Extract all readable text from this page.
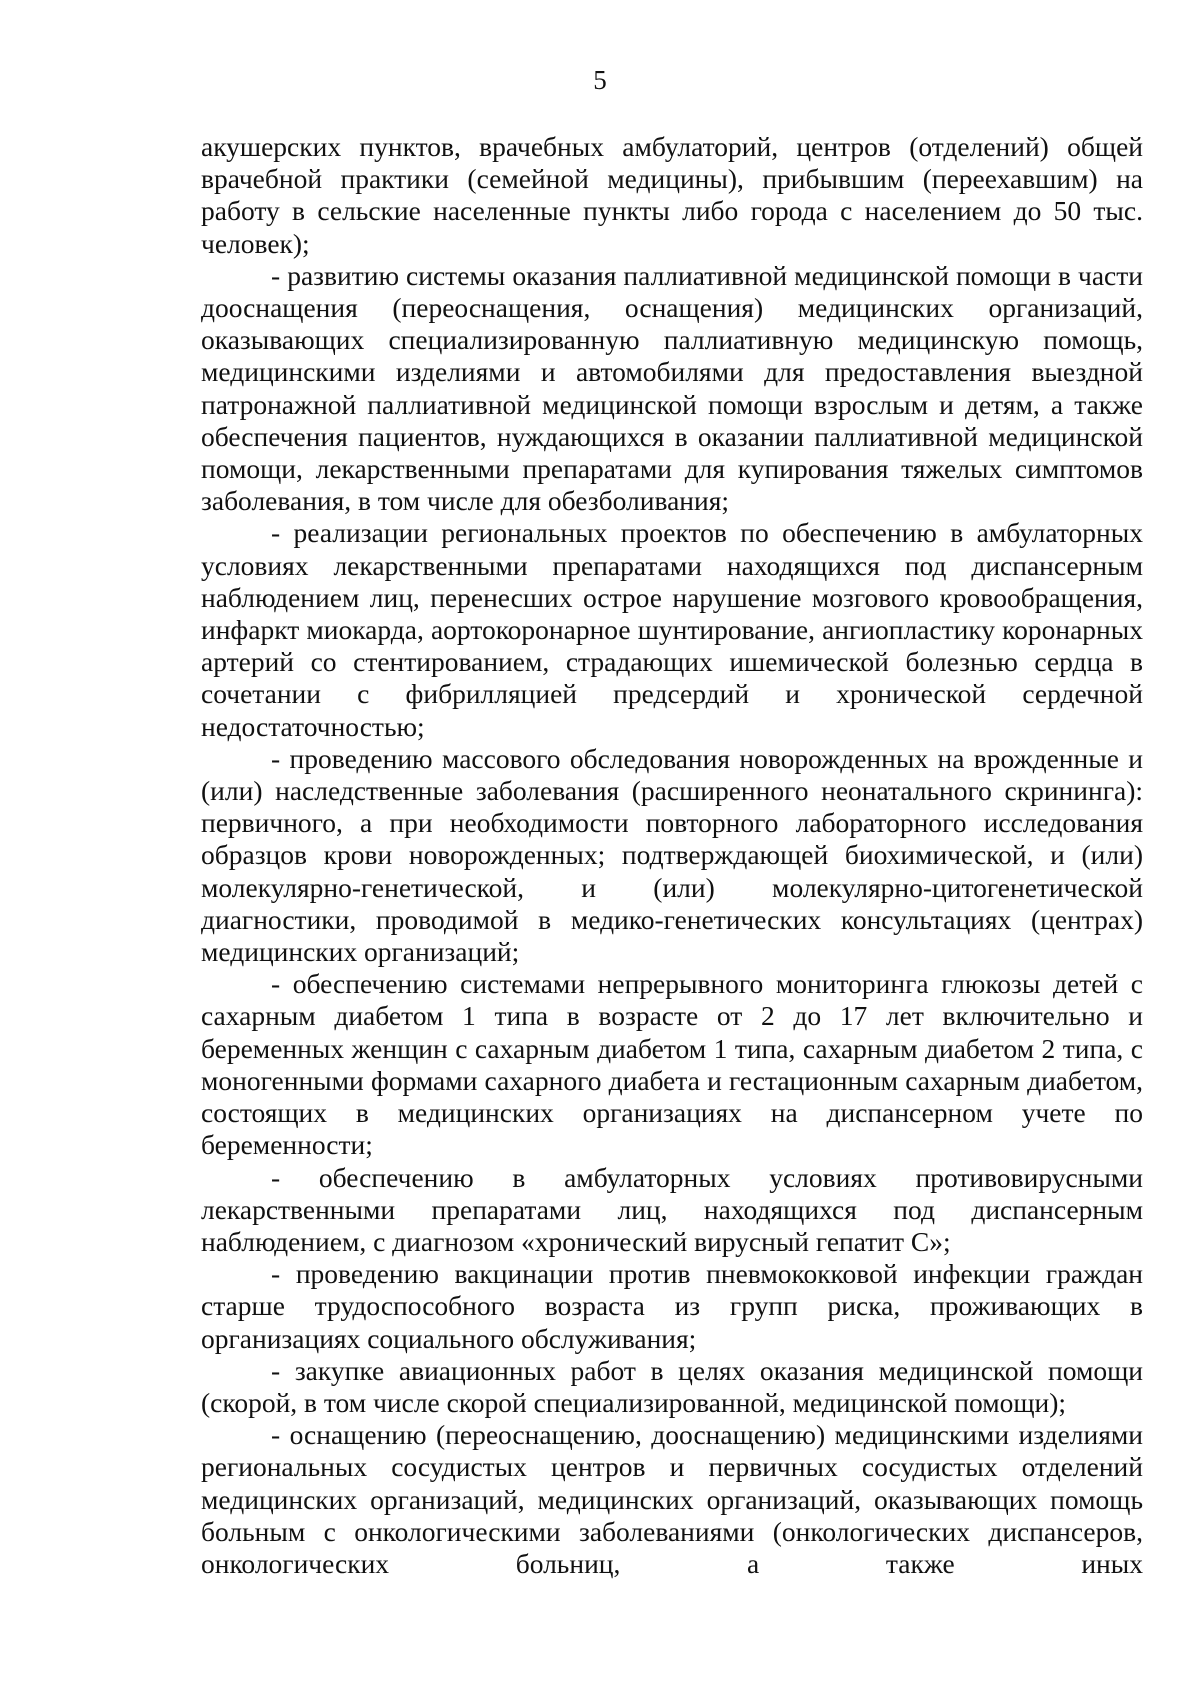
5

акушерских пунктов, врачебных амбулаторий, центров (отделений) общей врачебной практики (семейной медицины), прибывшим (переехавшим) на работу в сельские населенные пункты либо города с населением до 50 тыс. человек);

- развитию системы оказания паллиативной медицинской помощи в части дооснащения (переоснащения, оснащения) медицинских организаций, оказывающих специализированную паллиативную медицинскую помощь, медицинскими изделиями и автомобилями для предоставления выездной патронажной паллиативной медицинской помощи взрослым и детям, а также обеспечения пациентов, нуждающихся в оказании паллиативной медицинской помощи, лекарственными препаратами для купирования тяжелых симптомов заболевания, в том числе для обезболивания;

- реализации региональных проектов по обеспечению в амбулаторных условиях лекарственными препаратами находящихся под диспансерным наблюдением лиц, перенесших острое нарушение мозгового кровообращения, инфаркт миокарда, аортокоронарное шунтирование, ангиопластику коронарных артерий со стентированием, страдающих ишемической болезнью сердца в сочетании с фибрилляцией предсердий и хронической сердечной недостаточностью;

- проведению массового обследования новорожденных на врожденные и (или) наследственные заболевания (расширенного неонатального скрининга): первичного, а при необходимости повторного лабораторного исследования образцов крови новорожденных; подтверждающей биохимической, и (или) молекулярно-генетической, и (или) молекулярно-цитогенетической диагностики, проводимой в медико-генетических консультациях (центрах) медицинских организаций;

- обеспечению системами непрерывного мониторинга глюкозы детей с сахарным диабетом 1 типа в возрасте от 2 до 17 лет включительно и беременных женщин с сахарным диабетом 1 типа, сахарным диабетом 2 типа, с моногенными формами сахарного диабета и гестационным сахарным диабетом, состоящих в медицинских организациях на диспансерном учете по беременности;

- обеспечению в амбулаторных условиях противовирусными лекарственными препаратами лиц, находящихся под диспансерным наблюдением, с диагнозом «хронический вирусный гепатит С»;

- проведению вакцинации против пневмококковой инфекции граждан старше трудоспособного возраста из групп риска, проживающих в организациях социального обслуживания;

- закупке авиационных работ в целях оказания медицинской помощи (скорой, в том числе скорой специализированной, медицинской помощи);

- оснащению (переоснащению, дооснащению) медицинскими изделиями региональных сосудистых центров и первичных сосудистых отделений медицинских организаций, медицинских организаций, оказывающих помощь больным с онкологическими заболеваниями (онкологических диспансеров, онкологических больниц, а также иных
